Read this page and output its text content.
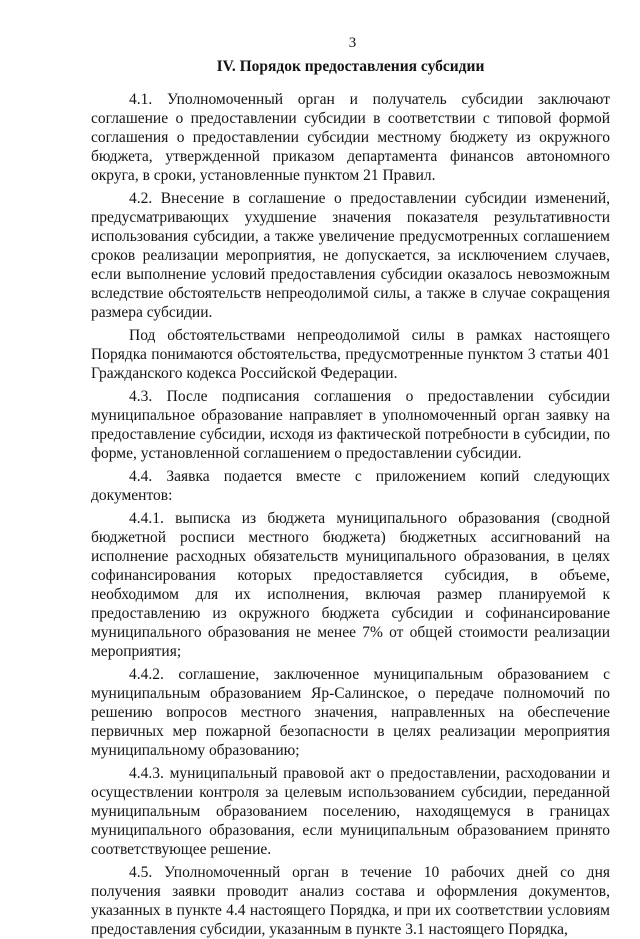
3
IV. Порядок предоставления субсидии

4.1. Уполномоченный орган и получатель субсидии заключают соглашение о предоставлении субсидии в соответствии с типовой формой соглашения о предоставлении субсидии местному бюджету из окружного бюджета, утвержденной приказом департамента финансов автономного округа, в сроки, установленные пунктом 21 Правил.

4.2. Внесение в соглашение о предоставлении субсидии изменений, предусматривающих ухудшение значения показателя результативности использования субсидии, а также увеличение предусмотренных соглашением сроков реализации мероприятия, не допускается, за исключением случаев, если выполнение условий предоставления субсидии оказалось невозможным вследствие обстоятельств непреодолимой силы, а также в случае сокращения размера субсидии.

Под обстоятельствами непреодолимой силы в рамках настоящего Порядка понимаются обстоятельства, предусмотренные пунктом 3 статьи 401 Гражданского кодекса Российской Федерации.

4.3. После подписания соглашения о предоставлении субсидии муниципальное образование направляет в уполномоченный орган заявку на предоставление субсидии, исходя из фактической потребности в субсидии, по форме, установленной соглашением о предоставлении субсидии.

4.4. Заявка подается вместе с приложением копий следующих документов:

4.4.1. выписка из бюджета муниципального образования (сводной бюджетной росписи местного бюджета) бюджетных ассигнований на исполнение расходных обязательств муниципального образования, в целях софинансирования которых предоставляется субсидия, в объеме, необходимом для их исполнения, включая размер планируемой к предоставлению из окружного бюджета субсидии и софинансирование муниципального образования не менее 7% от общей стоимости реализации мероприятия;

4.4.2. соглашение, заключенное муниципальным образованием с муниципальным образованием Яр-Салинское, о передаче полномочий по решению вопросов местного значения, направленных на обеспечение первичных мер пожарной безопасности в целях реализации мероприятия муниципальному образованию;

4.4.3. муниципальный правовой акт о предоставлении, расходовании и осуществлении контроля за целевым использованием субсидии, переданной муниципальным образованием поселению, находящемуся в границах муниципального образования, если муниципальным образованием принято соответствующее решение.

4.5. Уполномоченный орган в течение 10 рабочих дней со дня получения заявки проводит анализ состава и оформления документов, указанных в пункте 4.4 настоящего Порядка, и при их соответствии условиям предоставления субсидии, указанным в пункте 3.1 настоящего Порядка,
